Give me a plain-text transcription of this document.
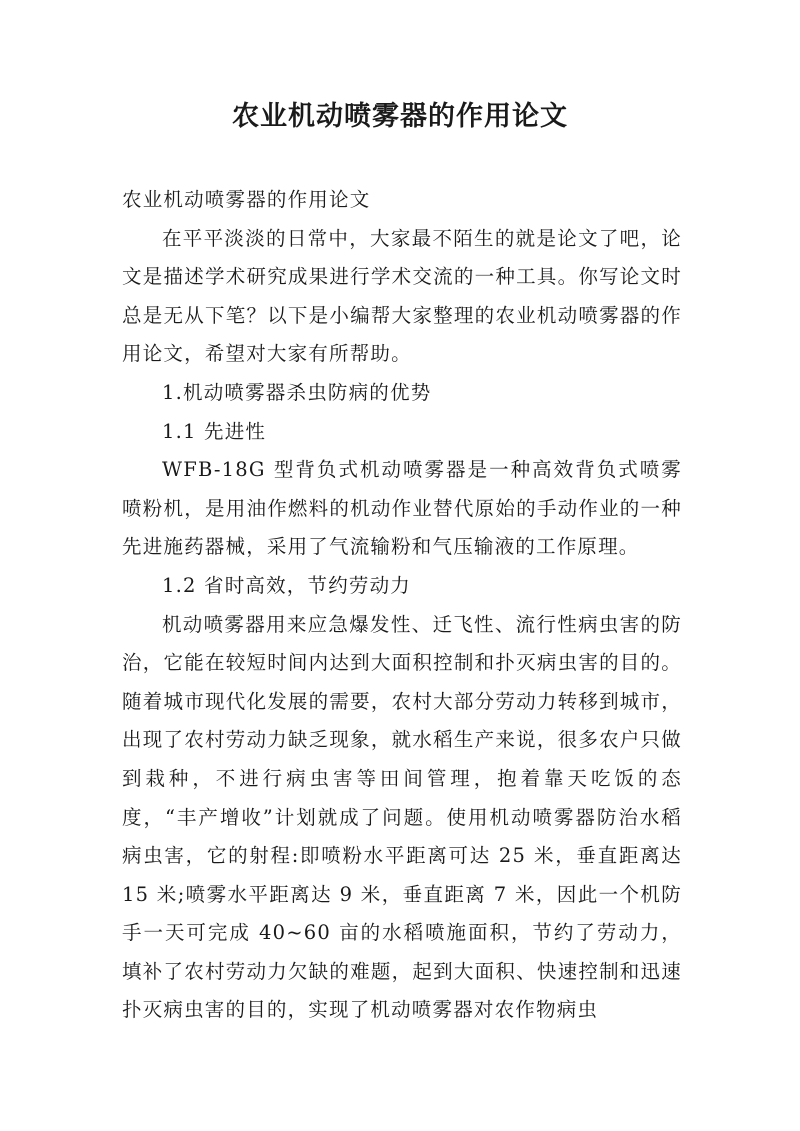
农业机动喷雾器的作用论文

农业机动喷雾器的作用论文

在平平淡淡的日常中，大家最不陌生的就是论文了吧，论文是描述学术研究成果进行学术交流的一种工具。你写论文时总是无从下笔？以下是小编帮大家整理的农业机动喷雾器的作用论文，希望对大家有所帮助。

1.机动喷雾器杀虫防病的优势

1.1 先进性

WFB-18G 型背负式机动喷雾器是一种高效背负式喷雾喷粉机，是用油作燃料的机动作业替代原始的手动作业的一种先进施药器械，采用了气流输粉和气压输液的工作原理。

1.2 省时高效，节约劳动力

机动喷雾器用来应急爆发性、迁飞性、流行性病虫害的防治，它能在较短时间内达到大面积控制和扑灭病虫害的目的。随着城市现代化发展的需要，农村大部分劳动力转移到城市，出现了农村劳动力缺乏现象，就水稻生产来说，很多农户只做到栽种，不进行病虫害等田间管理，抱着靠天吃饭的态度，“丰产增收”计划就成了问题。使用机动喷雾器防治水稻病虫害，它的射程:即喷粉水平距离可达 25 米，垂直距离达 15 米;喷雾水平距离达 9 米，垂直距离 7 米，因此一个机防手一天可完成 40~60 亩的水稻喷施面积，节约了劳动力，填补了农村劳动力欠缺的难题，起到大面积、快速控制和迅速扑灭病虫害的目的，实现了机动喷雾器对农作物病虫
